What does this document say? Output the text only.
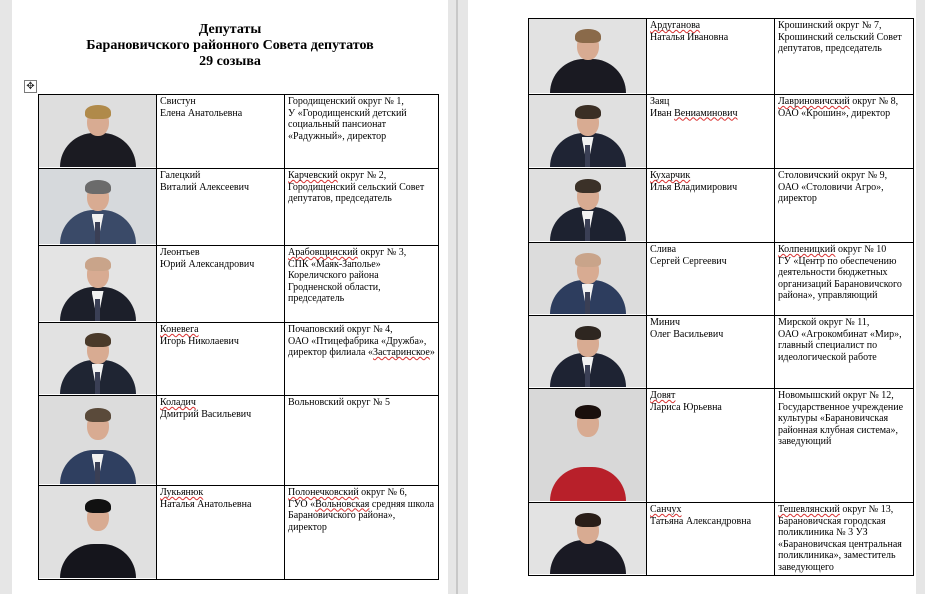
Депутаты
Барановичского районного Совета депутатов
29 созыва
✥
	Свистун
Елена Анатольевна	Городищенский округ № 1,
У «Городищенский детский социальный пансионат «Радужный», директор

	Галецкий
Виталий Алексеевич	Карчевский округ № 2,
Городищенский сельский Совет депутатов, председатель

	Леонтьев
Юрий Александрович	Арабовщинский округ № 3,
СПК «Маяк-Заполье» Кореличского района Гродненской области, председатель

	Коневега
Игорь Николаевич	Почаповский округ № 4,
ОАО «Птицефабрика «Дружба», директор филиала «Застаринское»

	Коладич
Дмитрий Васильевич	Вольновский округ № 5

	Лукьянюк
Наталья Анатольевна	Полонечковский округ № 6,
ГУО «Вольновская средняя школа Барановичского района», директор
	Ардуганова
Наталья Ивановна	Крошинский округ № 7,
Крошинский сельский Совет депутатов, председатель

	Заяц
Иван Вениаминович	Лавриновичский округ № 8,
ОАО «Крошин», директор

	Кухарчик
Илья Владимирович	Столовичский округ № 9,
ОАО «Столовичи Агро», директор

	Слива
Сергей Сергеевич	Колпеницкий округ № 10
ГУ «Центр по обеспечению деятельности бюджетных организаций Барановичского района», управляющий

	Минич
Олег Васильевич	Мирской округ № 11,
ОАО «Агрокомбинат «Мир», главный специалист по идеологической работе

	Довят
Лариса Юрьевна	Новомышский округ № 12,
Государственное учреждение культуры «Барановичская районная клубная система», заведующий

	Санчух
Татьяна Александровна	Тешевлянский округ № 13,
Барановичская городская поликлиника № 3 УЗ «Барановичская центральная поликлиника», заместитель заведующего
